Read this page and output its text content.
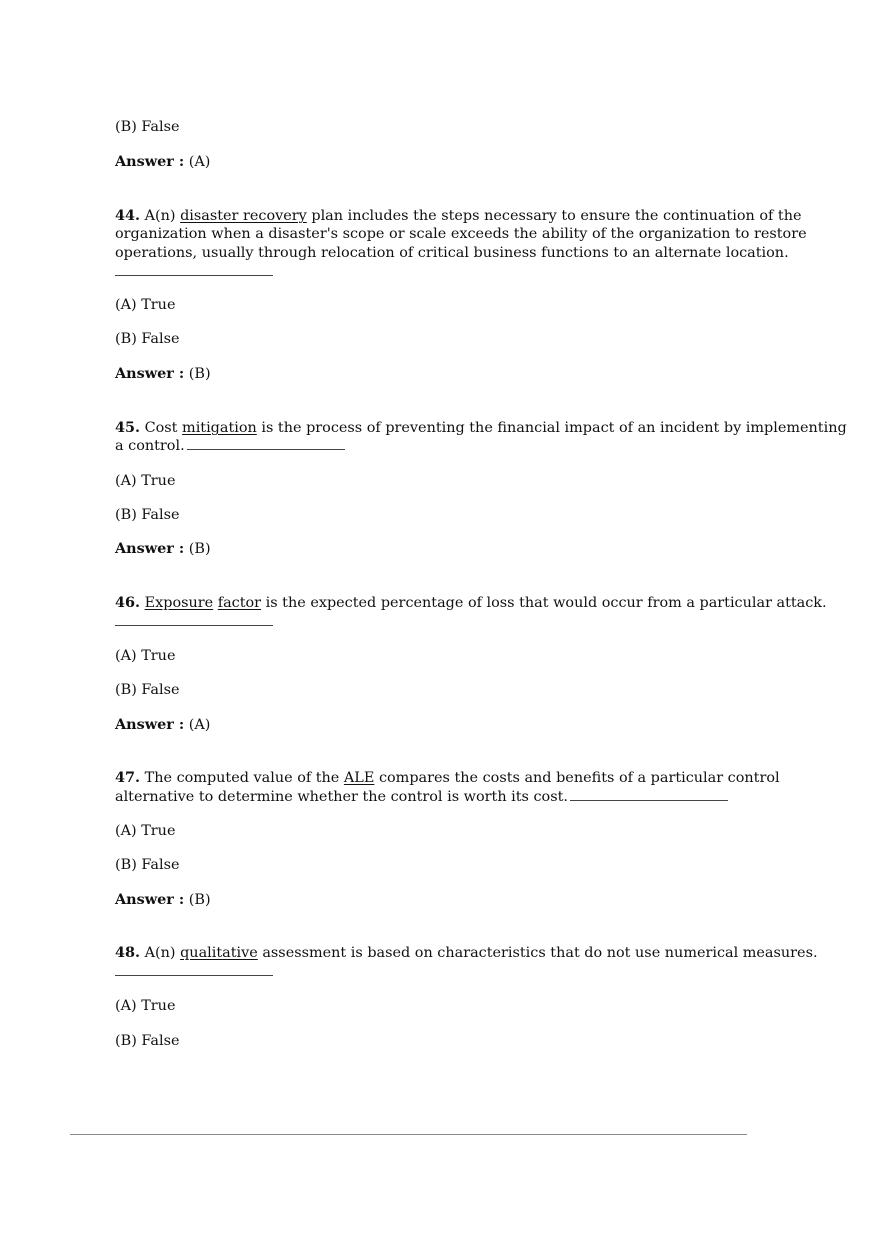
(B) False
Answer : (A)
44. A(n) disaster recovery plan includes the steps necessary to ensure the continuation of the
organization when a disaster's scope or scale exceeds the ability of the organization to restore
operations, usually through relocation of critical business functions to an alternate location.
(A) True
(B) False
Answer : (B)
45. Cost mitigation is the process of preventing the financial impact of an incident by implementing
a control.
(A) True
(B) False
Answer : (B)
46. Exposure factor is the expected percentage of loss that would occur from a particular attack.
(A) True
(B) False
Answer : (A)
47. The computed value of the ALE compares the costs and benefits of a particular control
alternative to determine whether the control is worth its cost.
(A) True
(B) False
Answer : (B)
48. A(n) qualitative assessment is based on characteristics that do not use numerical measures.
(A) True
(B) False
